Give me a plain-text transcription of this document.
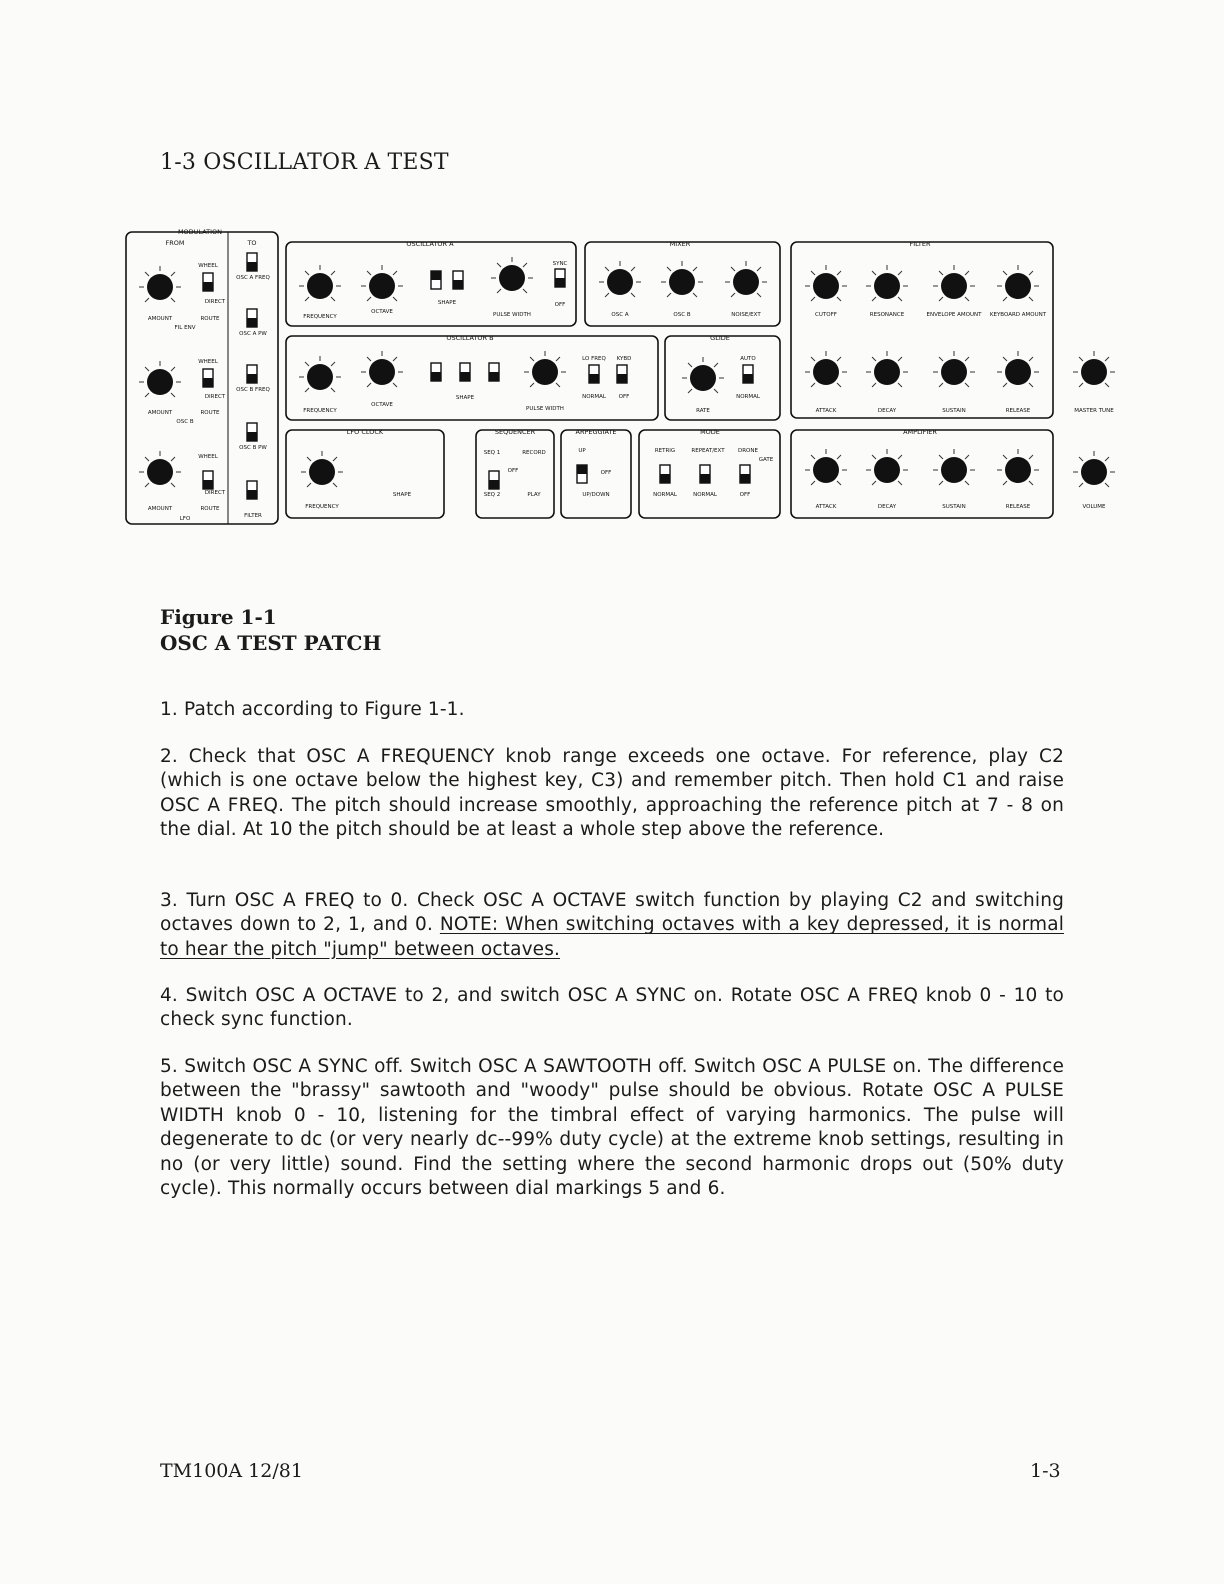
1-3 OSCILLATOR A TEST
MODULATION
FROM	TO	OSCILLATOR A	MIXER	FILTER
OSCILLATOR B	GLIDE
LFO CLOCK	SEQUENCER	ARPEGGIATE	MODE	AMPLIFIER
WHEEL
DIRECT
AMOUNT	ROUTE
FIL ENV
WHEEL
DIRECT
AMOUNT	ROUTE
OSC B
WHEEL
DIRECT
AMOUNT	ROUTE
LFO
OSC A FREQ
OSC A PW
OSC B FREQ
OSC B PW
FILTER
FREQUENCY
OCTAVE
SHAPE
PULSE WIDTH
SYNC
OFF
FREQUENCY
OCTAVE
SHAPE
PULSE WIDTH
LO FREQ KYBD
NORMAL OFF
OSC A	OSC B	NOISE/EXT
RATE
AUTO
NORMAL
CUTOFF	RESONANCE	ENVELOPE AMOUNT KEYBOARD AMOUNT
ATTACK	DECAY	SUSTAIN	RELEASE
FREQUENCY
SHAPE
SEQ 1	RECORD
SEQ 2	PLAY
OFF
UP
OFF
UP/DOWN
RETRIG	REPEAT/EXT DRONE
GATE
NORMAL	NORMAL	OFF
ATTACK	DECAY	SUSTAIN	RELEASE
MASTER TUNE
VOLUME
Figure 1-1
OSC A TEST PATCH
1. Patch according to Figure 1-1.
2. Check that OSC A FREQUENCY knob range exceeds one octave. For reference, play C2 (which is one octave below the highest key, C3) and remember pitch. Then hold C1 and raise OSC A FREQ. The pitch should increase smoothly, approaching the reference pitch at 7 - 8 on the dial. At 10 the pitch should be at least a whole step above the reference.
3. Turn OSC A FREQ to 0. Check OSC A OCTAVE switch function by playing C2 and switching octaves down to 2, 1, and 0. NOTE: When switching octaves with a key depressed, it is normal to hear the pitch "jump" between octaves.
4. Switch OSC A OCTAVE to 2, and switch OSC A SYNC on. Rotate OSC A FREQ knob 0 - 10 to check sync function.
5. Switch OSC A SYNC off. Switch OSC A SAWTOOTH off. Switch OSC A PULSE on. The difference between the "brassy" sawtooth and "woody" pulse should be obvious. Rotate OSC A PULSE WIDTH knob 0 - 10, listening for the timbral effect of varying harmonics. The pulse will degenerate to dc (or very nearly dc--99% duty cycle) at the extreme knob settings, resulting in no (or very little) sound. Find the setting where the second harmonic drops out (50% duty cycle). This normally occurs between dial markings 5 and 6.
TM100A 12/81	1-3
